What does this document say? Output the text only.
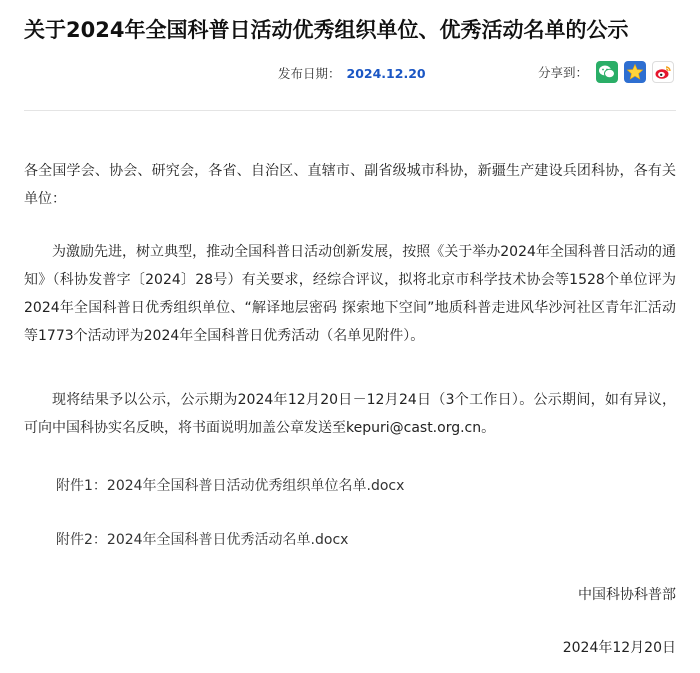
关于2024年全国科普日活动优秀组织单位、优秀活动名单的公示
发布日期： 2024.12.20	分享到：
各全国学会、协会、研究会，各省、自治区、直辖市、副省级城市科协，新疆生产建设兵团科协，各有关单位：
为激励先进，树立典型，推动全国科普日活动创新发展，按照《关于举办2024年全国科普日活动的通知》（科协发普字〔2024〕28号）有关要求，经综合评议，拟将北京市科学技术协会等1528个单位评为2024年全国科普日优秀组织单位、“解译地层密码 探索地下空间”地质科普走进风华沙河社区青年汇活动等1773个活动评为2024年全国科普日优秀活动（名单见附件）。
现将结果予以公示，公示期为2024年12月20日－12月24日（3个工作日）。公示期间，如有异议，可向中国科协实名反映，将书面说明加盖公章发送至kepuri@cast.org.cn。
附件1：2024年全国科普日活动优秀组织单位名单.docx
附件2：2024年全国科普日优秀活动名单.docx
中国科协科普部
2024年12月20日
